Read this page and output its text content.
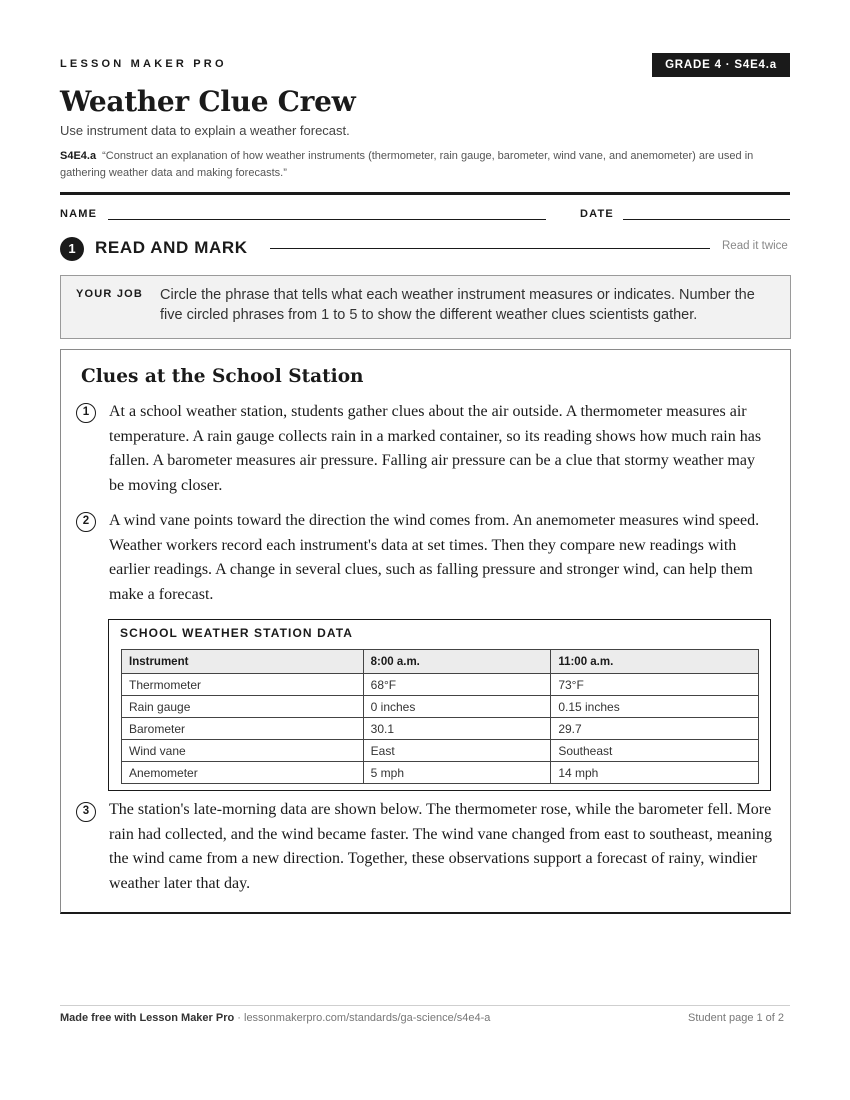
LESSON MAKER PRO	GRADE 4 · S4E4.a
Weather Clue Crew
Use instrument data to explain a weather forecast.
S4E4.a “Construct an explanation of how weather instruments (thermometer, rain gauge, barometer, wind vane, and anemometer) are used in gathering weather data and making forecasts.”
NAME	DATE
1	READ AND MARK	Read it twice
YOUR JOB Circle the phrase that tells what each weather instrument measures or indicates. Number the five circled phrases from 1 to 5 to show the different weather clues scientists gather.
Clues at the School Station
1	At a school weather station, students gather clues about the air outside. A thermometer measures air temperature. A rain gauge collects rain in a marked container, so its reading shows how much rain has fallen. A barometer measures air pressure. Falling air pressure can be a clue that stormy weather may be moving closer.

2	A wind vane points toward the direction the wind comes from. An anemometer measures wind speed. Weather workers record each instrument's data at set times. Then they compare new readings with earlier readings. A change in several clues, such as falling pressure and stronger wind, can help them make a forecast.

SCHOOL WEATHER STATION DATA
Instrument	8:00 a.m.	11:00 a.m.
Thermometer	68°F	73°F
Rain gauge	0 inches	0.15 inches
Barometer	30.1	29.7
Wind vane	East	Southeast
Anemometer	5 mph	14 mph
3	The station's late-morning data are shown below. The thermometer rose, while the barometer fell. More rain had collected, and the wind became faster. The wind vane changed from east to southeast, meaning the wind came from a new direction. Together, these observations support a forecast of rainy, windier weather later that day.

Made free with Lesson Maker Pro · lessonmakerpro.com/standards/ga-science/s4e4-a	Student page 1 of 2
